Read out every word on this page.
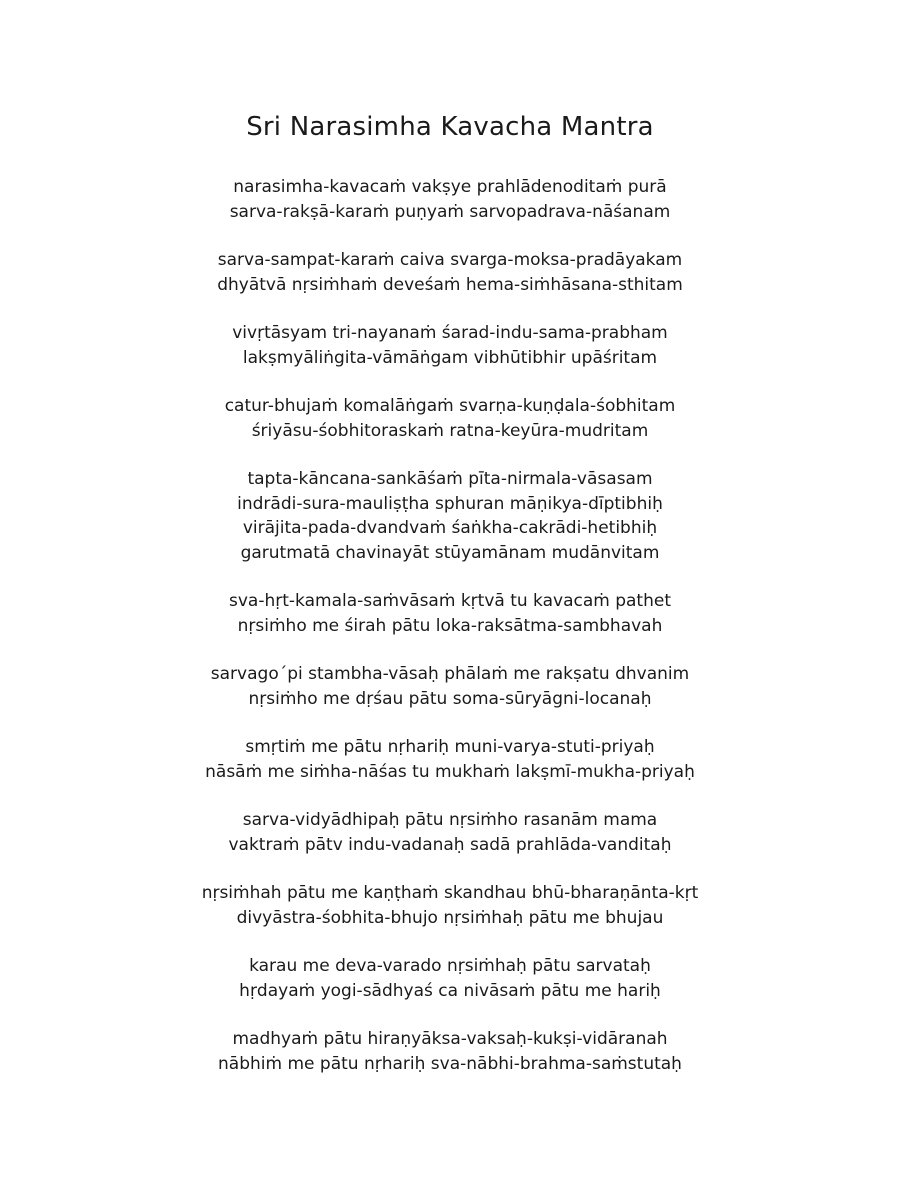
Sri Narasimha Kavacha Mantra
narasimha-kavacaṁ vakṣye prahlādenoditaṁ purā
sarva-rakṣā-karaṁ puṇyaṁ sarvopadrava-nāśanam
sarva-sampat-karaṁ caiva svarga-moksa-pradāyakam
dhyātvā nṛsiṁhaṁ deveśaṁ hema-siṁhāsana-sthitam
vivṛtāsyam tri-nayanaṁ śarad-indu-sama-prabham
lakṣmyāliṅgita-vāmāṅgam vibhūtibhir upāśritam
catur-bhujaṁ komalāṅgaṁ svarṇa-kuṇḍala-śobhitam
śriyāsu-śobhitoraskaṁ ratna-keyūra-mudritam
tapta-kāncana-sankāśaṁ pīta-nirmala-vāsasam
indrādi-sura-mauliṣṭha sphuran māṇikya-dīptibhiḥ
virājita-pada-dvandvaṁ śaṅkha-cakrādi-hetibhiḥ
garutmatā chavinayāt stūyamānam mudānvitam
sva-hṛt-kamala-saṁvāsaṁ kṛtvā tu kavacaṁ pathet
nṛsiṁho me śirah pātu loka-raksātma-sambhavah
sarvago´pi stambha-vāsaḥ phālaṁ me rakṣatu dhvanim
nṛsiṁho me dṛśau pātu soma-sūryāgni-locanaḥ
smṛtiṁ me pātu nṛhariḥ muni-varya-stuti-priyaḥ
nāsāṁ me siṁha-nāśas tu mukhaṁ lakṣmī-mukha-priyaḥ
sarva-vidyādhipaḥ pātu nṛsiṁho rasanām mama
vaktraṁ pātv indu-vadanaḥ sadā prahlāda-vanditaḥ
nṛsiṁhah pātu me kaṇṭhaṁ skandhau bhū-bharaṇānta-kṛt
divyāstra-śobhita-bhujo nṛsiṁhaḥ pātu me bhujau
karau me deva-varado nṛsiṁhaḥ pātu sarvataḥ
hṛdayaṁ yogi-sādhyaś ca nivāsaṁ pātu me hariḥ
madhyaṁ pātu hiraṇyāksa-vaksaḥ-kukṣi-vidāranah
nābhiṁ me pātu nṛhariḥ sva-nābhi-brahma-saṁstutaḥ
